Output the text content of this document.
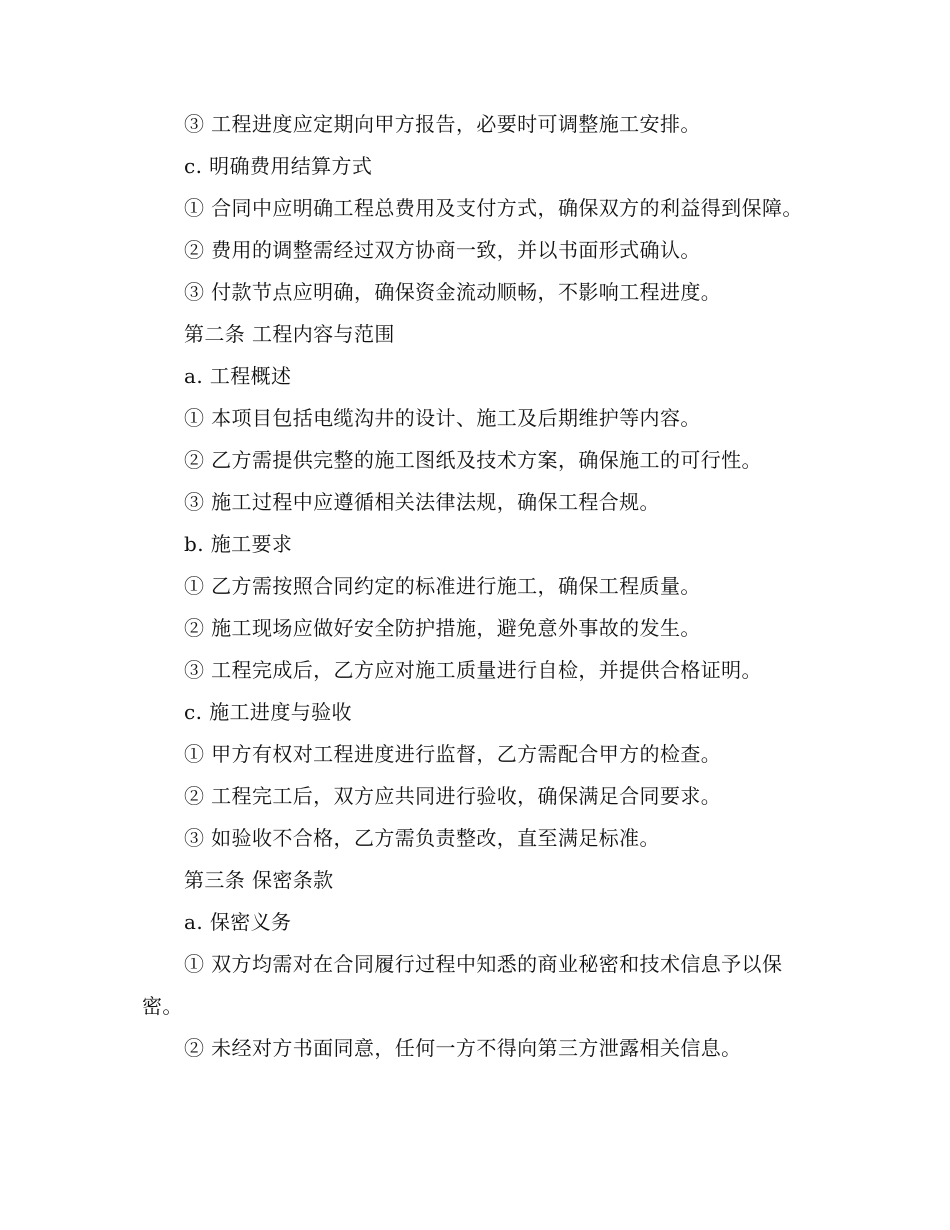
③ 工程进度应定期向甲方报告，必要时可调整施工安排。

c. 明确费用结算方式

① 合同中应明确工程总费用及支付方式，确保双方的利益得到保障。

② 费用的调整需经过双方协商一致，并以书面形式确认。

③ 付款节点应明确，确保资金流动顺畅，不影响工程进度。

第二条 工程内容与范围

a. 工程概述

① 本项目包括电缆沟井的设计、施工及后期维护等内容。

② 乙方需提供完整的施工图纸及技术方案，确保施工的可行性。

③ 施工过程中应遵循相关法律法规，确保工程合规。

b. 施工要求

① 乙方需按照合同约定的标准进行施工，确保工程质量。

② 施工现场应做好安全防护措施，避免意外事故的发生。

③ 工程完成后，乙方应对施工质量进行自检，并提供合格证明。

c. 施工进度与验收

① 甲方有权对工程进度进行监督，乙方需配合甲方的检查。

② 工程完工后，双方应共同进行验收，确保满足合同要求。

③ 如验收不合格，乙方需负责整改，直至满足标准。

第三条 保密条款

a. 保密义务

① 双方均需对在合同履行过程中知悉的商业秘密和技术信息予以保密。

② 未经对方书面同意，任何一方不得向第三方泄露相关信息。
